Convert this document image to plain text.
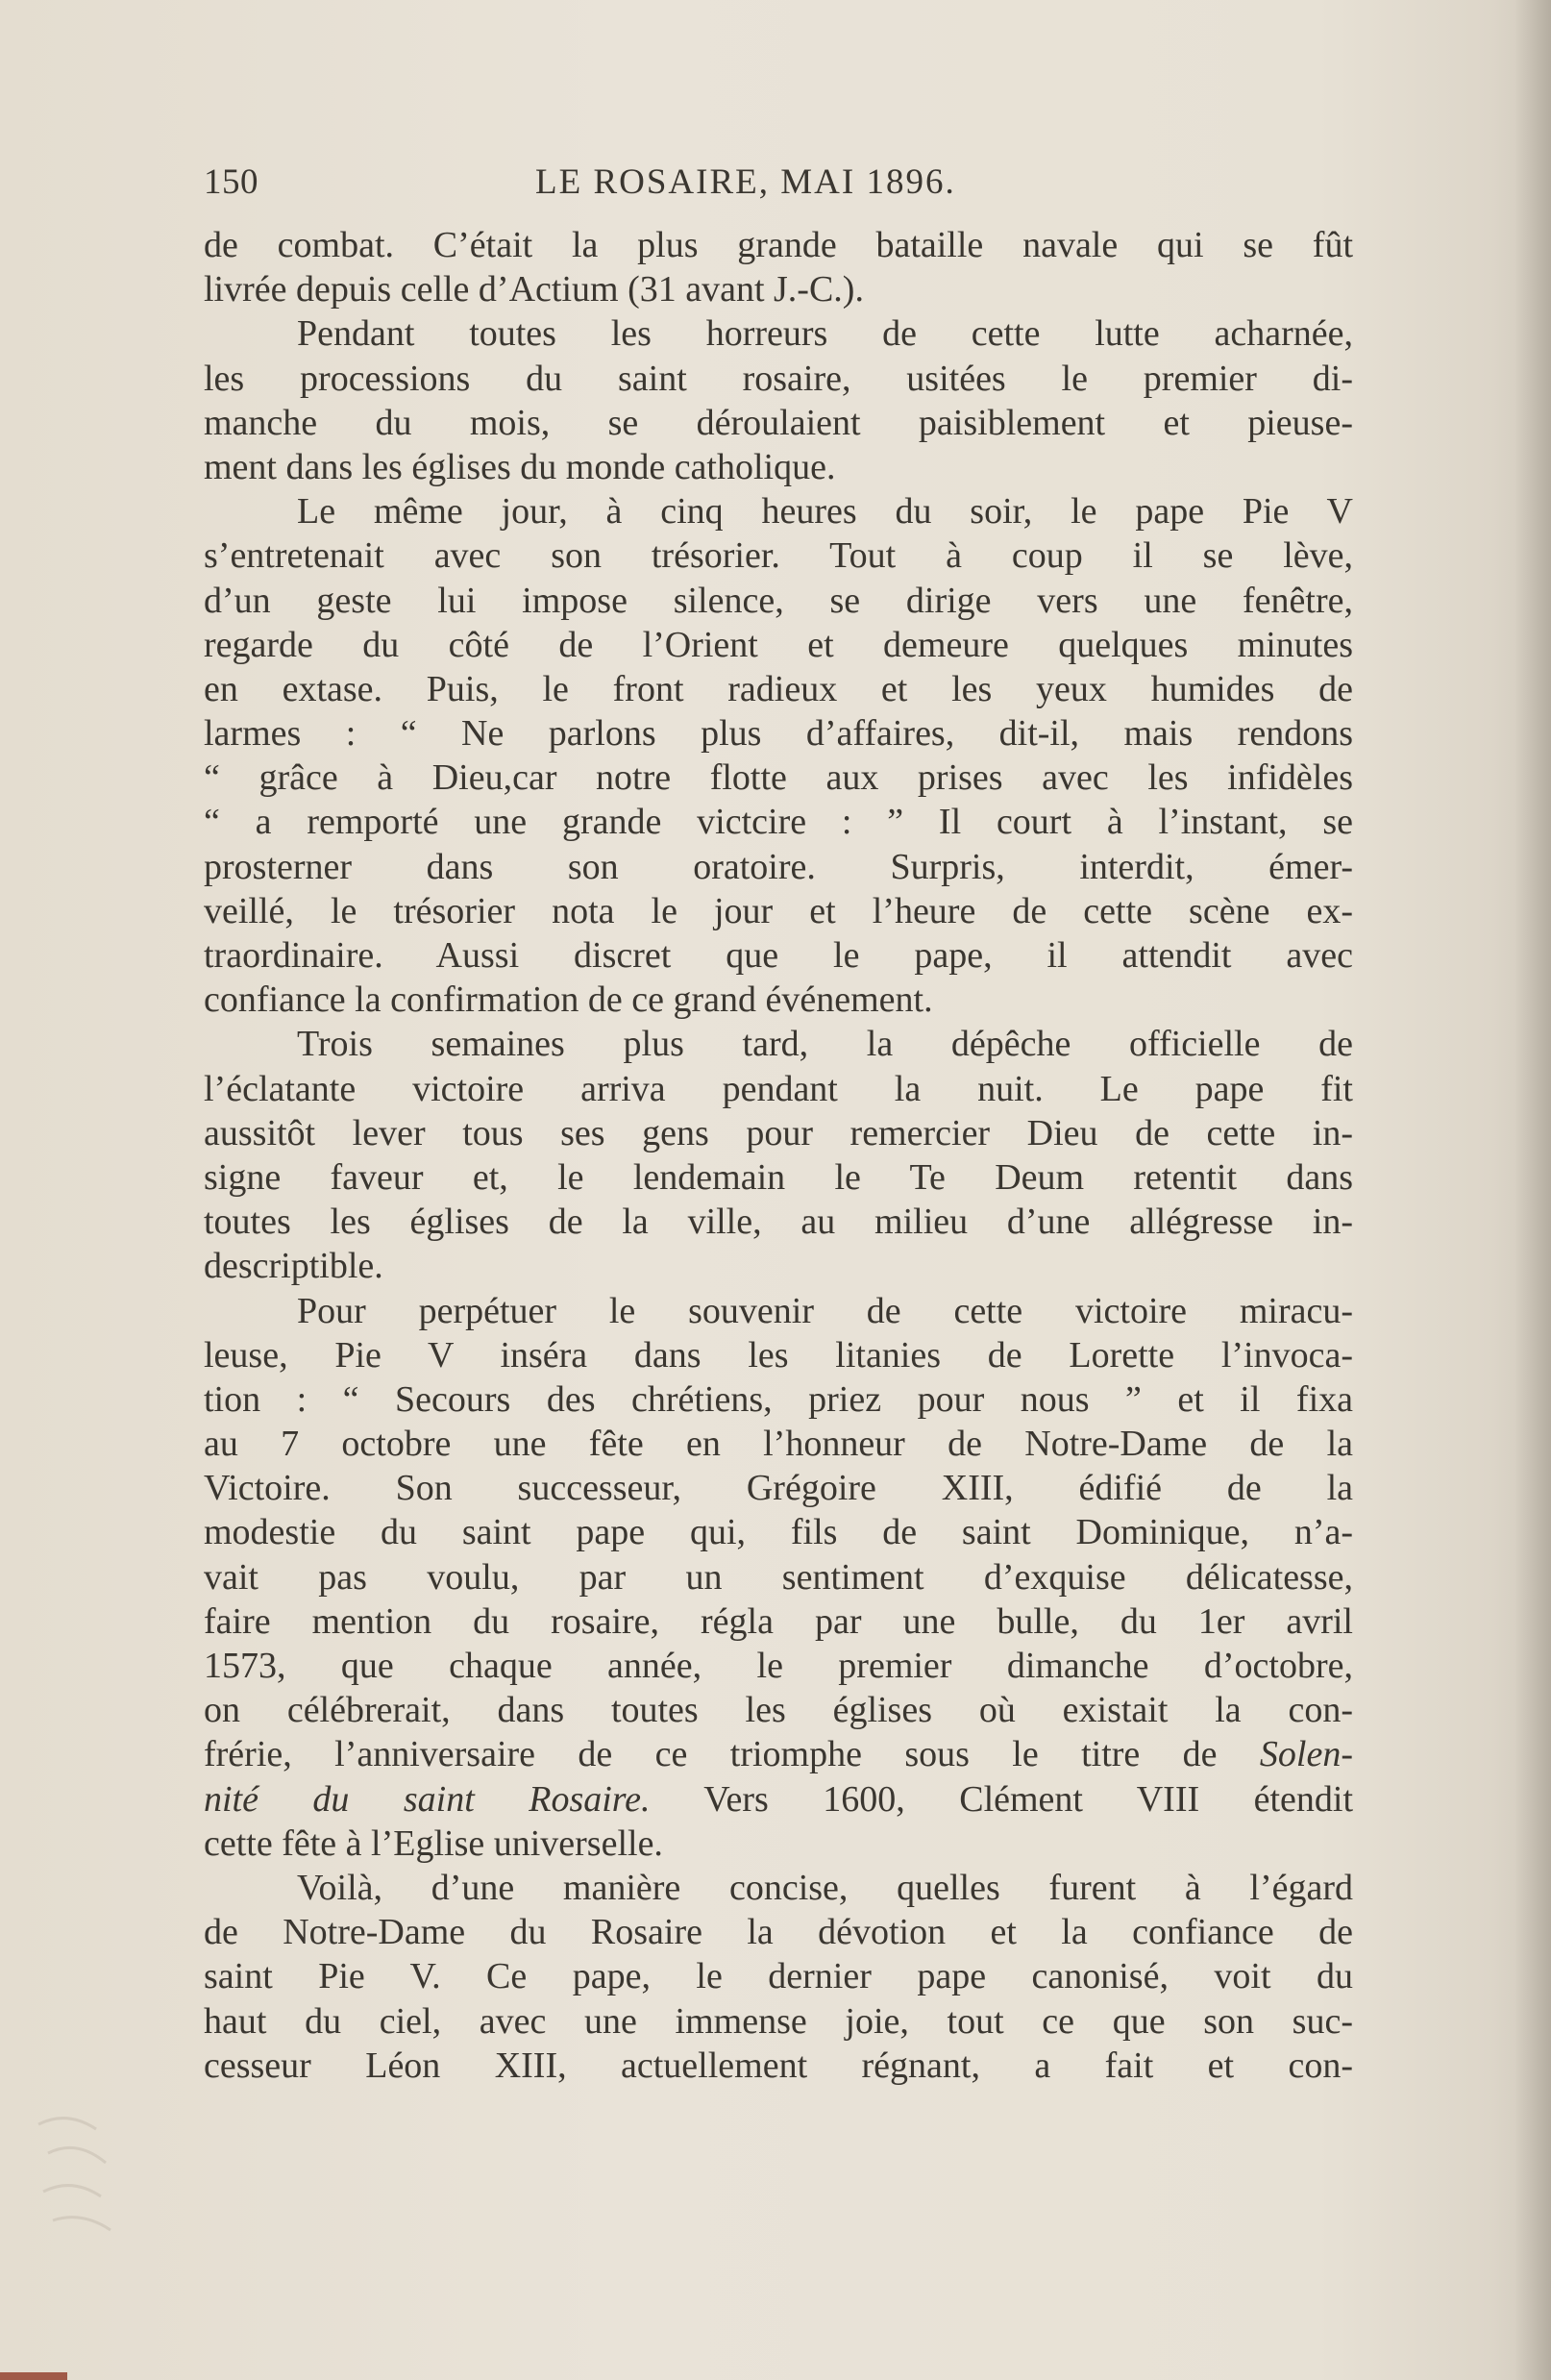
150	LE ROSAIRE, MAI 1896.
de combat. C’était la plus grande bataille navale qui se fût
livrée depuis celle d’Actium (31 avant J.-C.).
Pendant toutes les horreurs de cette lutte acharnée,
les processions du saint rosaire, usitées le premier di-
manche du mois, se déroulaient paisiblement et pieuse-
ment dans les églises du monde catholique.
Le même jour, à cinq heures du soir, le pape Pie V
s’entretenait avec son trésorier. Tout à coup il se lève,
d’un geste lui impose silence, se dirige vers une fenêtre,
regarde du côté de l’Orient et demeure quelques minutes
en extase. Puis, le front radieux et les yeux humides de
larmes : “ Ne parlons plus d’affaires, dit-il, mais rendons
“ grâce à Dieu,car notre flotte aux prises avec les infidèles
“ a remporté une grande victcire : ” Il court à l’instant, se
prosterner dans son oratoire. Surpris, interdit, émer-
veillé, le trésorier nota le jour et l’heure de cette scène ex-
traordinaire. Aussi discret que le pape, il attendit avec
confiance la confirmation de ce grand événement.
Trois semaines plus tard, la dépêche officielle de
l’éclatante victoire arriva pendant la nuit. Le pape fit
aussitôt lever tous ses gens pour remercier Dieu de cette in-
signe faveur et, le lendemain le Te Deum retentit dans
toutes les églises de la ville, au milieu d’une allégresse in-
descriptible.
Pour perpétuer le souvenir de cette victoire miracu-
leuse, Pie V inséra dans les litanies de Lorette l’invoca-
tion : “ Secours des chrétiens, priez pour nous ” et il fixa
au 7 octobre une fête en l’honneur de Notre-Dame de la
Victoire. Son successeur, Grégoire XIII, édifié de la
modestie du saint pape qui, fils de saint Dominique, n’a-
vait pas voulu, par un sentiment d’exquise délicatesse,
faire mention du rosaire, régla par une bulle, du 1er avril
1573, que chaque année, le premier dimanche d’octobre,
on célébrerait, dans toutes les églises où existait la con-
frérie, l’anniversaire de ce triomphe sous le titre de Solen-
nité du saint Rosaire. Vers 1600, Clément VIII étendit
cette fête à l’Eglise universelle.
Voilà, d’une manière concise, quelles furent à l’égard
de Notre-Dame du Rosaire la dévotion et la confiance de
saint Pie V. Ce pape, le dernier pape canonisé, voit du
haut du ciel, avec une immense joie, tout ce que son suc-
cesseur Léon XIII, actuellement régnant, a fait et con-
